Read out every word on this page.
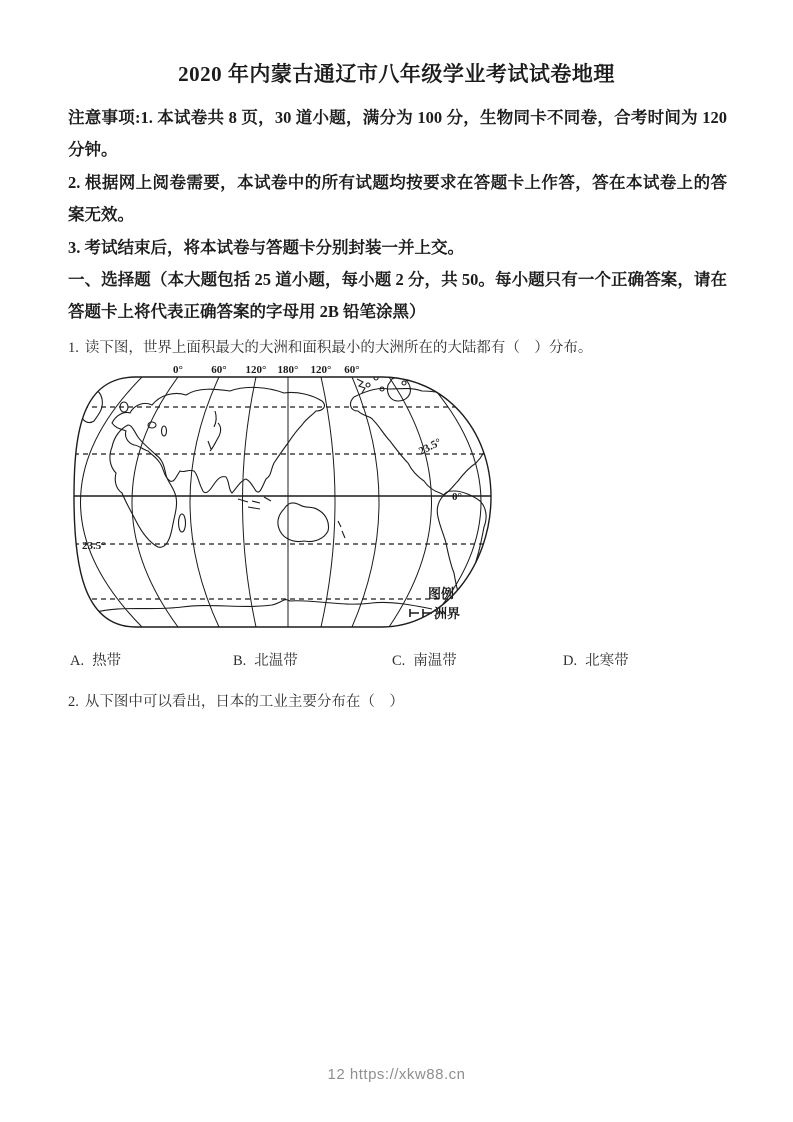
2020 年内蒙古通辽市八年级学业考试试卷地理

注意事项:1. 本试卷共 8 页，30 道小题，满分为 100 分，生物同卡不同卷，合考时间为 120 分钟。

2. 根据网上阅卷需要，本试卷中的所有试题均按要求在答题卡上作答，答在本试卷上的答案无效。

3. 考试结束后，将本试卷与答题卡分别封装一并上交。

一、选择题（本大题包括 25 道小题，每小题 2 分，共 50。每小题只有一个正确答案，请在答题卡上将代表正确答案的字母用 2B 铅笔涂黑）

1. 读下图，世界上面积最大的大洲和面积最小的大洲所在的大陆都有（　）分布。

0°	60° 120° 180° 120° 60°
23.5°
0°
23.5°
图例
洲界
A. 热带	B. 北温带	C. 南温带	D. 北寒带

2. 从下图中可以看出，日本的工业主要分布在（　）

12 https://xkw88.cn
